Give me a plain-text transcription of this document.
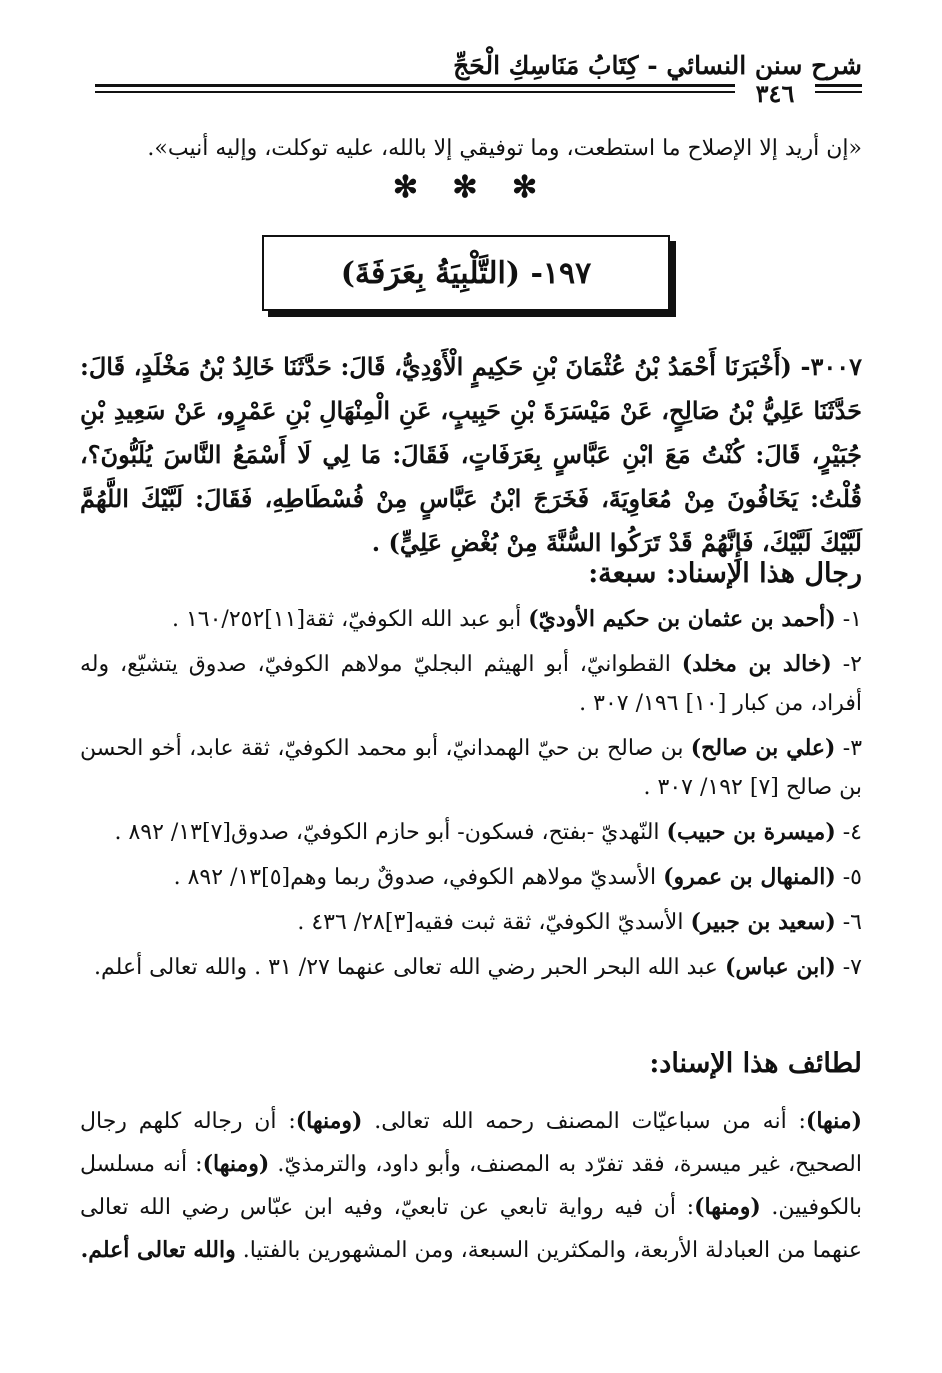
شرح سنن النسائي - كِتَابُ مَنَاسِكِ الْحَجِّ
٣٤٦
«إن أريد إلا الإصلاح ما استطعت، وما توفيقي إلا بالله، عليه توكلت، وإليه أنيب».
✻ ✻ ✻
١٩٧- (التَّلْبِيَةُ بِعَرَفَةَ)
٣٠٠٧- (أَخْبَرَنَا أَحْمَدُ بْنُ عُثْمَانَ بْنِ حَكِيمٍ الْأَوْدِيُّ، قَالَ: حَدَّثَنَا خَالِدُ بْنُ مَخْلَدٍ، قَالَ: حَدَّثَنَا عَلِيُّ بْنُ صَالِحٍ، عَنْ مَيْسَرَةَ بْنِ حَبِيبٍ، عَنِ الْمِنْهَالِ بْنِ عَمْرٍو، عَنْ سَعِيدِ بْنِ جُبَيْرٍ، قَالَ: كُنْتُ مَعَ ابْنِ عَبَّاسٍ بِعَرَفَاتٍ، فَقَالَ: مَا لِي لَا أَسْمَعُ النَّاسَ يُلَبُّونَ؟، قُلْتُ: يَخَافُونَ مِنْ مُعَاوِيَةَ، فَخَرَجَ ابْنُ عَبَّاسٍ مِنْ فُسْطَاطِهِ، فَقَالَ: لَبَّيْكَ اللَّهُمَّ لَبَّيْكَ لَبَّيْكَ، فَإِنَّهُمْ قَدْ تَرَكُوا السُّنَّةَ مِنْ بُغْضِ عَلِيٍّ) .
رجال هذا الإسناد: سبعة:

١- (أحمد بن عثمان بن حكيم الأوديّ) أبو عبد الله الكوفيّ، ثقة[١١]١٦٠/٢٥٢ .

٢- (خالد بن مخلد) القطوانيّ، أبو الهيثم البجليّ مولاهم الكوفيّ، صدوق يتشيّع، وله أفراد، من كبار [١٠] ١٩٦/ ٣٠٧ .

٣- (علي بن صالح) بن صالح بن حيّ الهمدانيّ، أبو محمد الكوفيّ، ثقة عابد، أخو الحسن بن صالح [٧] ١٩٢/ ٣٠٧ .

٤- (ميسرة بن حبيب) النّهديّ -بفتح، فسكون- أبو حازم الكوفيّ، صدوق[٧]١٣/ ٨٩٢ .

٥- (المنهال بن عمرو) الأسديّ مولاهم الكوفي، صدوقٌ ربما وهم[٥]١٣/ ٨٩٢ .

٦- (سعيد بن جبير) الأسديّ الكوفيّ، ثقة ثبت فقيه[٣]٢٨/ ٤٣٦ .

٧- (ابن عباس) عبد الله البحر الحبر رضي الله تعالى عنهما ٢٧/ ٣١ . والله تعالى أعلم.

لطائف هذا الإسناد:
(منها): أنه من سباعيّات المصنف رحمه الله تعالى. (ومنها): أن رجاله كلهم رجال الصحيح، غير ميسرة، فقد تفرّد به المصنف، وأبو داود، والترمذيّ. (ومنها): أنه مسلسل بالكوفيين. (ومنها): أن فيه رواية تابعي عن تابعيّ، وفيه ابن عبّاس رضي الله تعالى عنهما من العبادلة الأربعة، والمكثرين السبعة، ومن المشهورين بالفتيا. والله تعالى أعلم.
